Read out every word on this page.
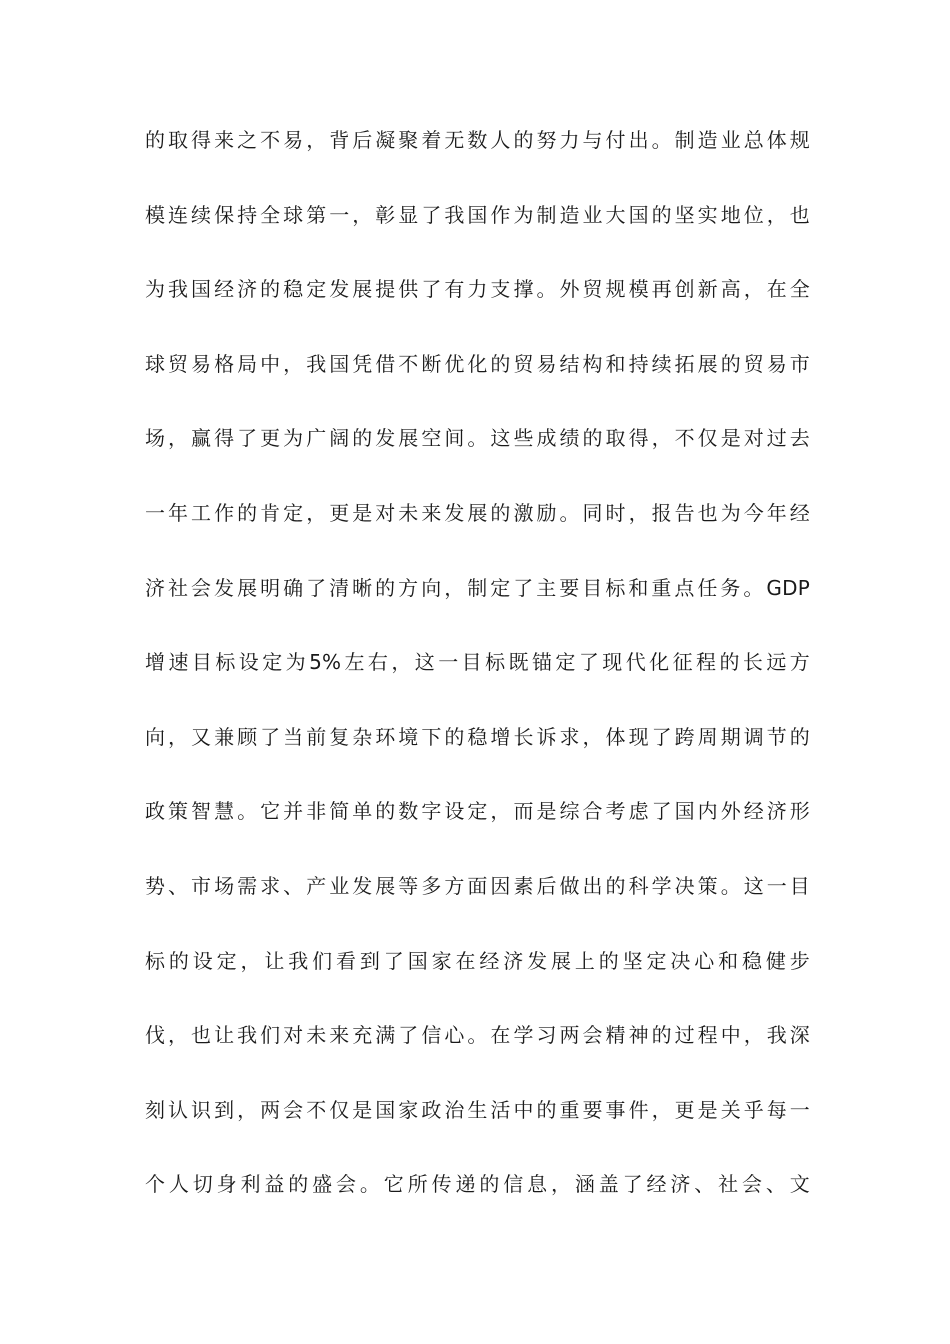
的取得来之不易，背后凝聚着无数人的努力与付出。制造业总体规
模连续保持全球第一，彰显了我国作为制造业大国的坚实地位，也
为我国经济的稳定发展提供了有力支撑。外贸规模再创新高，在全
球贸易格局中，我国凭借不断优化的贸易结构和持续拓展的贸易市
场，赢得了更为广阔的发展空间。这些成绩的取得，不仅是对过去
一年工作的肯定，更是对未来发展的激励。同时，报告也为今年经
济社会发展明确了清晰的方向，制定了主要目标和重点任务。GDP
增速目标设定为5%左右，这一目标既锚定了现代化征程的长远方
向，又兼顾了当前复杂环境下的稳增长诉求，体现了跨周期调节的
政策智慧。它并非简单的数字设定，而是综合考虑了国内外经济形
势、市场需求、产业发展等多方面因素后做出的科学决策。这一目
标的设定，让我们看到了国家在经济发展上的坚定决心和稳健步
伐，也让我们对未来充满了信心。在学习两会精神的过程中，我深
刻认识到，两会不仅是国家政治生活中的重要事件，更是关乎每一
个人切身利益的盛会。它所传递的信息，涵盖了经济、社会、文
